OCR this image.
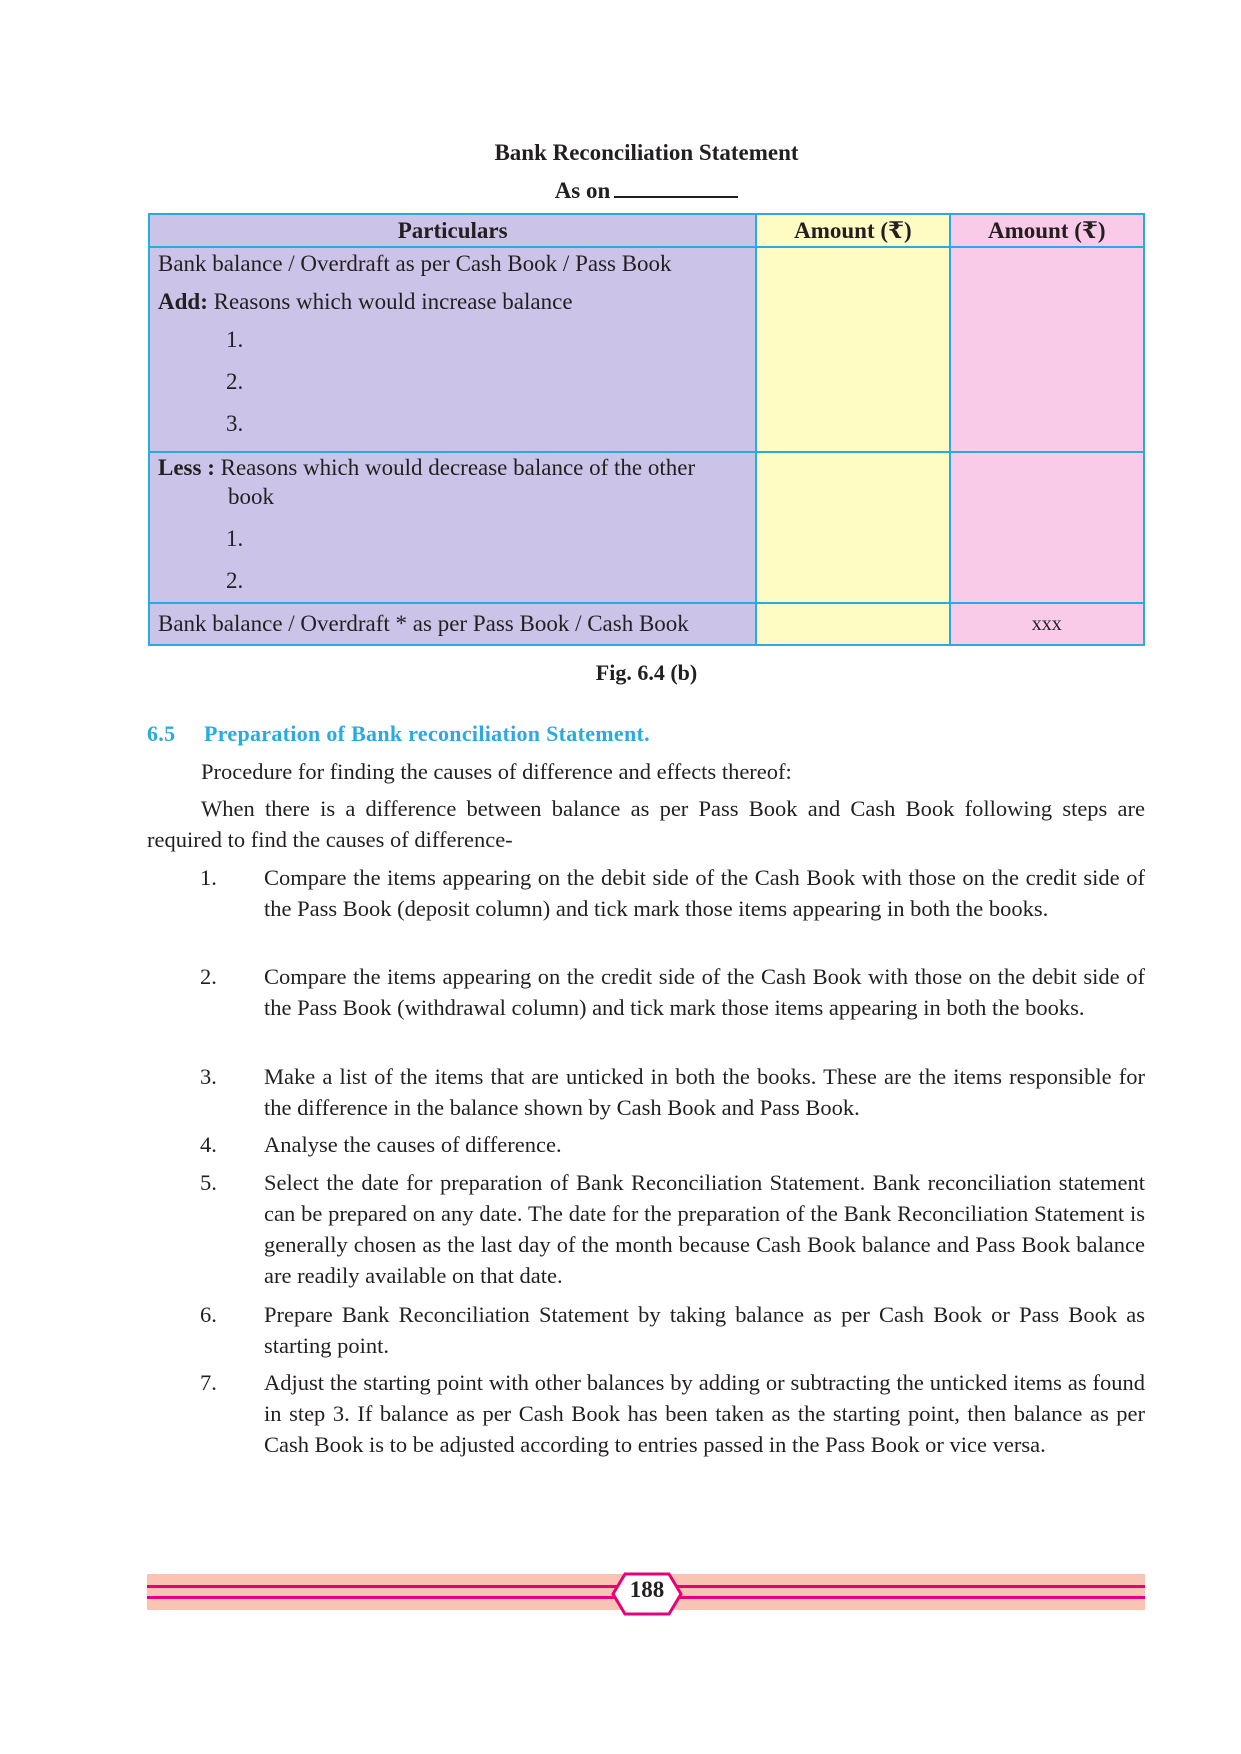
Bank Reconciliation Statement
As on
Particulars	Amount (₹)	Amount (₹)

Bank balance / Overdraft as per Cash Book / Pass Book
Add: Reasons which would increase balance
1.
2.
3.		

Less : Reasons which would decrease balance of the other
book
1.
2.		

Bank balance / Overdraft * as per Pass Book / Cash Book		xxx
Fig. 6.4 (b)
6.5 Preparation of Bank reconciliation Statement.
Procedure for finding the causes of difference and effects thereof:
When there is a difference between balance as per Pass Book and Cash Book following steps are required to find the causes of difference-
1.	Compare the items appearing on the debit side of the Cash Book with those on the credit side of the Pass Book (deposit column) and tick mark those items appearing in both the books.
2.	Compare the items appearing on the credit side of the Cash Book with those on the debit side of the Pass Book (withdrawal column) and tick mark those items appearing in both the books.
3.	Make a list of the items that are unticked in both the books. These are the items responsible for the difference in the balance shown by Cash Book and Pass Book.
4.	Analyse the causes of difference.
5.	Select the date for preparation of Bank Reconciliation Statement. Bank reconciliation statement can be prepared on any date. The date for the preparation of the Bank Reconciliation Statement is generally chosen as the last day of the month because Cash Book balance and Pass Book balance are readily available on that date.
6.	Prepare Bank Reconciliation Statement by taking balance as per Cash Book or Pass Book as starting point.
7.	Adjust the starting point with other balances by adding or subtracting the unticked items as found in step 3. If balance as per Cash Book has been taken as the starting point, then balance as per Cash Book is to be adjusted according to entries passed in the Pass Book or vice versa.
188
